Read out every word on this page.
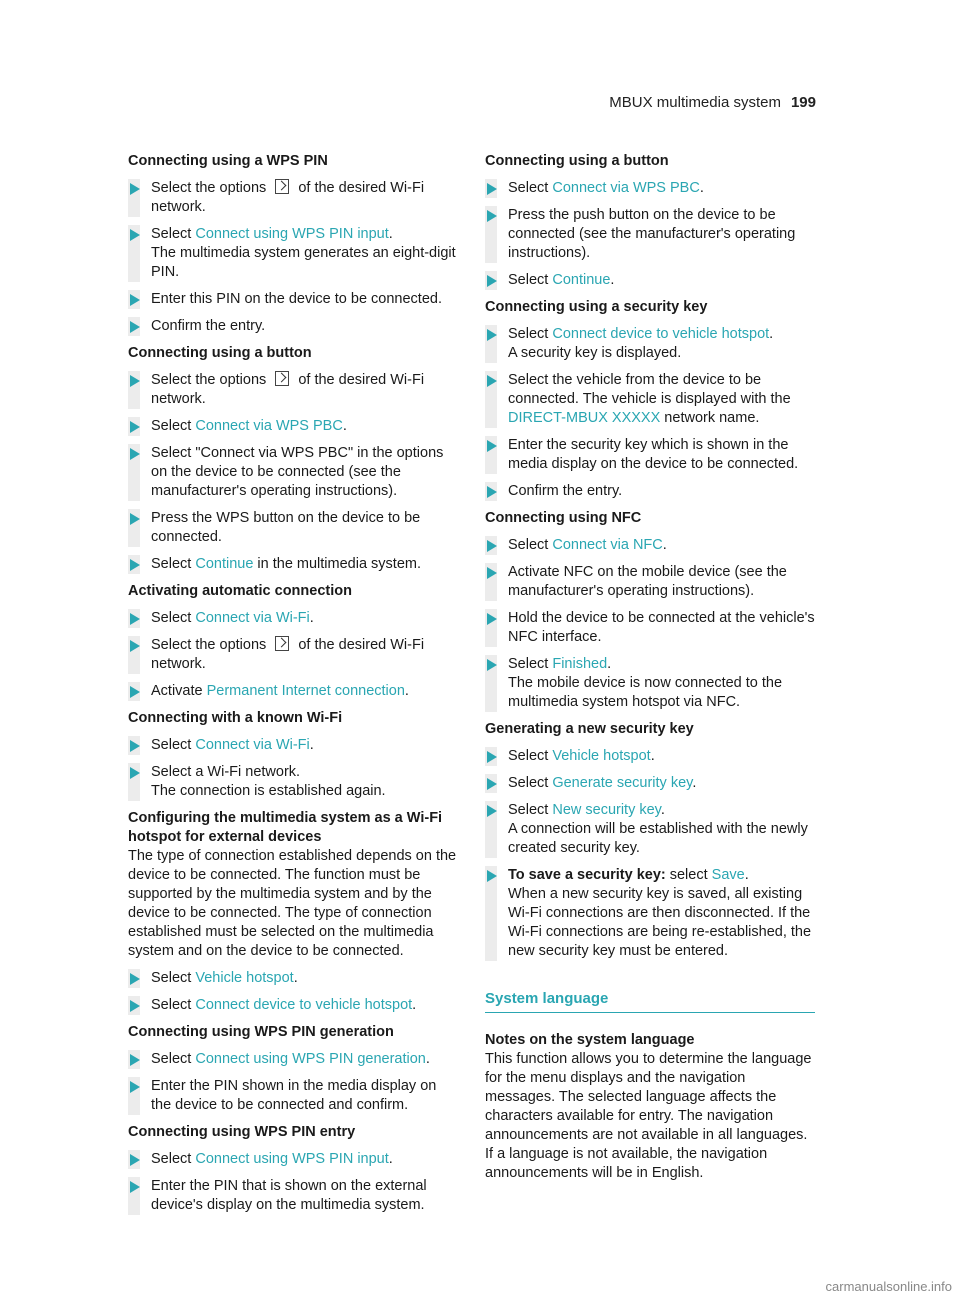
MBUX multimedia system 199
Connecting using a WPS PIN
Select the options  of the desired Wi-Fi network.
Select Connect using WPS PIN input.
The multimedia system generates an eight-digit PIN.
Enter this PIN on the device to be connected.
Confirm the entry.
Connecting using a button
Select the options  of the desired Wi-Fi network.
Select Connect via WPS PBC.
Select "Connect via WPS PBC" in the options on the device to be connected (see the manufacturer's operating instructions).
Press the WPS button on the device to be connected.
Select Continue in the multimedia system.
Activating automatic connection
Select Connect via Wi-Fi.
Select the options  of the desired Wi-Fi network.
Activate Permanent Internet connection.
Connecting with a known Wi-Fi
Select Connect via Wi-Fi.
Select a Wi-Fi network.
The connection is established again.
Configuring the multimedia system as a Wi-Fi hotspot for external devices
The type of connection established depends on the device to be connected. The function must be supported by the multimedia system and by the device to be connected. The type of connection established must be selected on the multimedia system and on the device to be connected.
Select Vehicle hotspot.
Select Connect device to vehicle hotspot.
Connecting using WPS PIN generation
Select Connect using WPS PIN generation.
Enter the PIN shown in the media display on the device to be connected and confirm.
Connecting using WPS PIN entry
Select Connect using WPS PIN input.
Enter the PIN that is shown on the external device's display on the multimedia system.
Connecting using a button
Select Connect via WPS PBC.
Press the push button on the device to be connected (see the manufacturer's operating instructions).
Select Continue.
Connecting using a security key
Select Connect device to vehicle hotspot.
A security key is displayed.
Select the vehicle from the device to be connected. The vehicle is displayed with the DIRECT-MBUX XXXXX network name.
Enter the security key which is shown in the media display on the device to be connected.
Confirm the entry.
Connecting using NFC
Select Connect via NFC.
Activate NFC on the mobile device (see the manufacturer's operating instructions).
Hold the device to be connected at the vehicle's NFC interface.
Select Finished.
The mobile device is now connected to the multimedia system hotspot via NFC.
Generating a new security key
Select Vehicle hotspot.
Select Generate security key.
Select New security key.
A connection will be established with the newly created security key.
To save a security key: select Save.
When a new security key is saved, all existing Wi-Fi connections are then disconnected. If the Wi-Fi connections are being re-established, the new security key must be entered.
System language
Notes on the system language
This function allows you to determine the language for the menu displays and the navigation messages. The selected language affects the characters available for entry. The navigation announcements are not available in all languages. If a language is not available, the navigation announcements will be in English.
carmanualsonline.info
